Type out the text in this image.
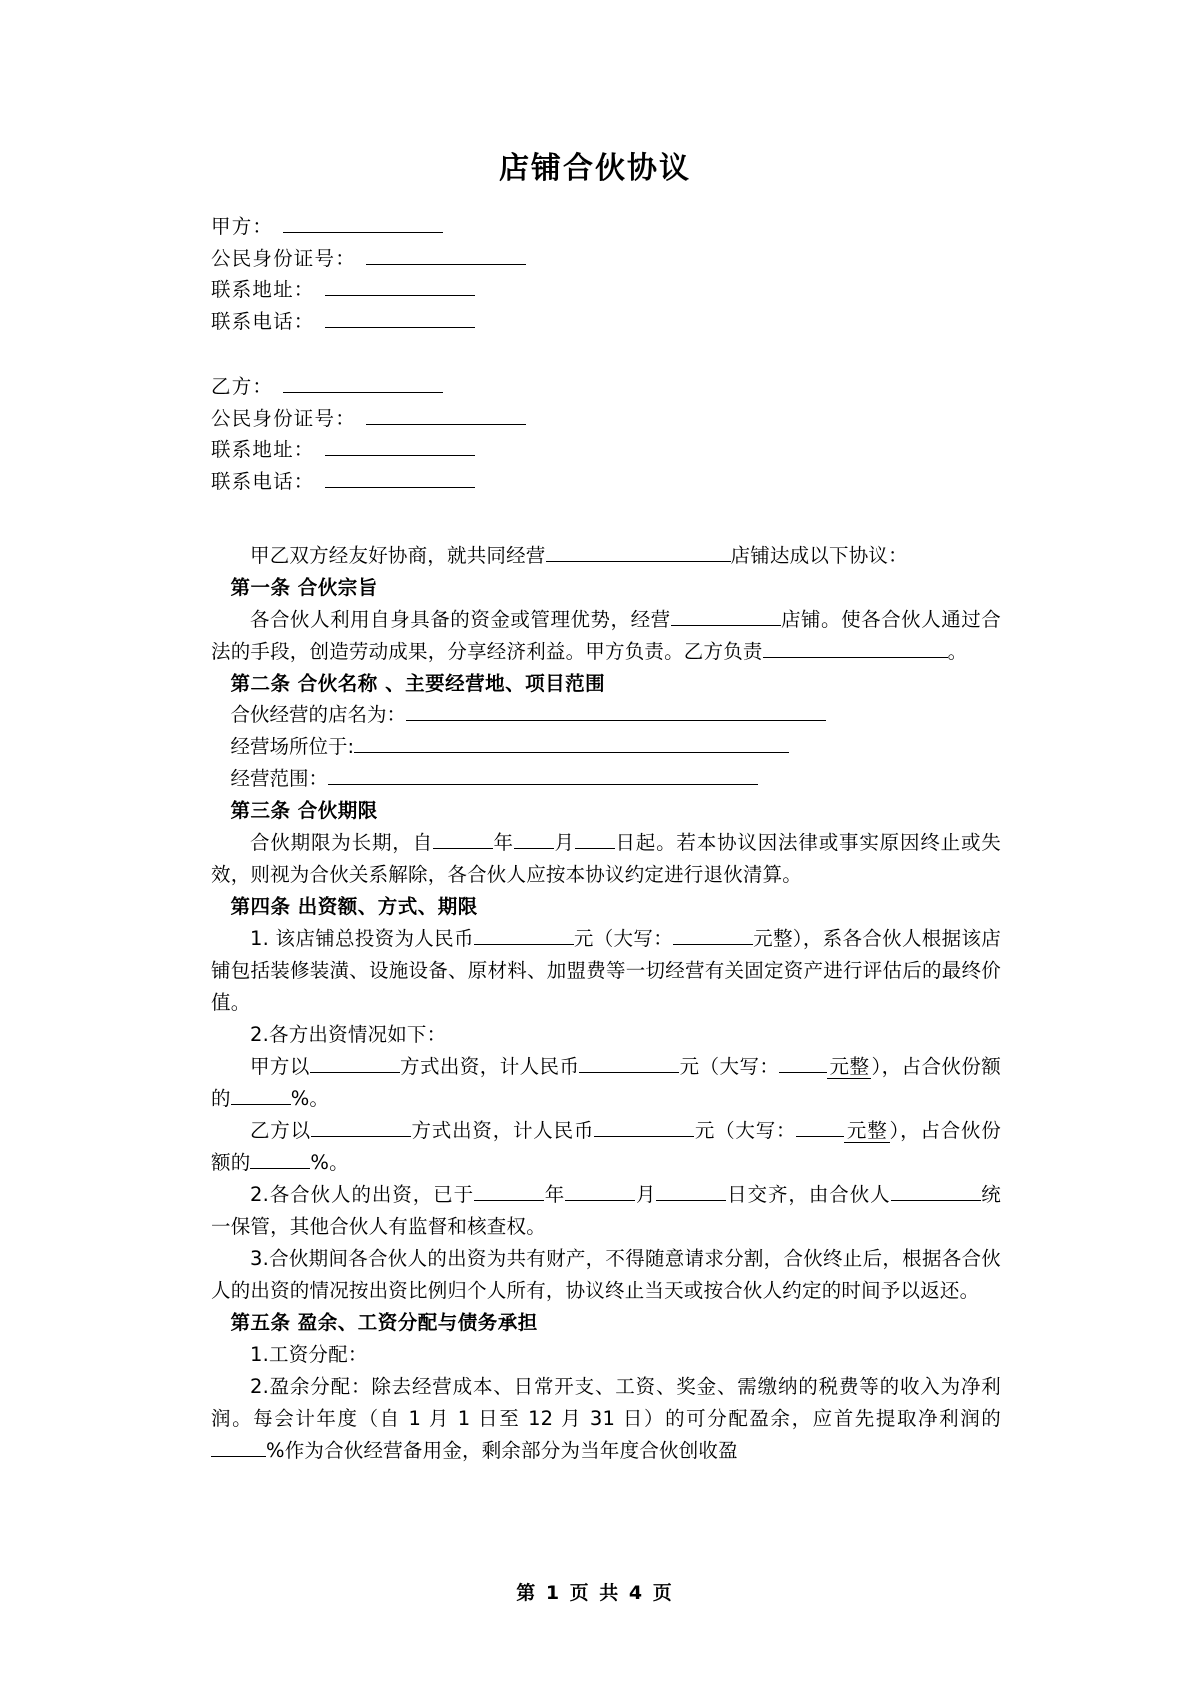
店铺合伙协议
甲方：
公民身份证号：
联系地址：
联系电话：
乙方：
公民身份证号：
联系地址：
联系电话：

甲乙双方经友好协商，就共同经营	店铺达成以下协议：

第一条 合伙宗旨

各合伙人利用自身具备的资金或管理优势，经营	店铺。使各合伙人通过合法的手段，创造劳动成果，分享经济利益。甲方负责。乙方负责	。

第二条 合伙名称 、主要经营地、项目范围
合伙经营的店名为：
经营场所位于:
经营范围：
第三条 合伙期限

合伙期限为长期，自	年 月 日起。若本协议因法律或事实原因终止或失效，则视为合伙关系解除，各合伙人应按本协议约定进行退伙清算。

第四条 出资额、方式、期限

1. 该店铺总投资为人民币	元（大写：	元整），系各合伙人根据该店铺包括装修装潢、设施设备、原材料、加盟费等一切经营有关固定资产进行评估后的最终价值。

2.各方出资情况如下：

甲方以	方式出资，计人民币	元（大写：	元整 ），占合伙份额的	%。

乙方以	方式出资，计人民币	元（大写：	元整 ），占合伙份额的	%。

2.各合伙人的出资，已于	年	月	日交齐，由合伙人	统一保管，其他合伙人有监督和核查权。

3.合伙期间各合伙人的出资为共有财产，不得随意请求分割，合伙终止后，根据各合伙人的出资的情况按出资比例归个人所有，协议终止当天或按合伙人约定的时间予以返还。

第五条 盈余、工资分配与债务承担

1.工资分配：

2.盈余分配：除去经营成本、日常开支、工资、奖金、需缴纳的税费等的收入为净利润。每会计年度（自 1 月 1 日至 12 月 31 日）的可分配盈余，应首先提取净利润的%作为合伙经营备用金，剩余部分为当年度合伙创收盈

第 1 页 共 4 页
